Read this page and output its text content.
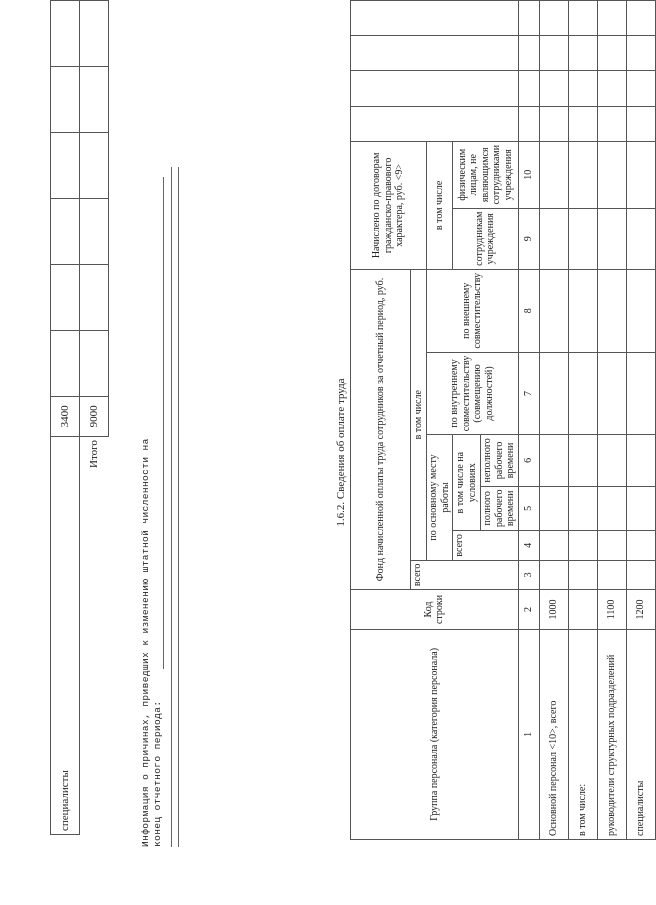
специалисты	3400						
Итого	9000						
Информация о причинах, приведших к изменению штатной численности на конец отчетного периода:
1.6.2. Сведения об оплате труда
Группа персонала (категория персонала)	Код строки	Фонд начисленной оплаты труда сотрудников за отчетный период, руб.						Начислено по договорам гражданско-правового характера, руб. <9>					
		всего	в том числе										
			по основному месту работы			по внутреннему совместительству (совмещению должностей)	по внешнему совместительству	в том числе					
			всего	в том числе на условиях				сотрудникам учреждения	физическим лицам, не являющимся сотрудниками учреждения				
				полного рабочего времени	неполного рабочего времени								

1	2	3	4	5	6	7	8	9	10				
Основной персонал <10>, всего	1000												
в том числе:													
руководители структурных подразделений	1100												
специалисты	1200												
